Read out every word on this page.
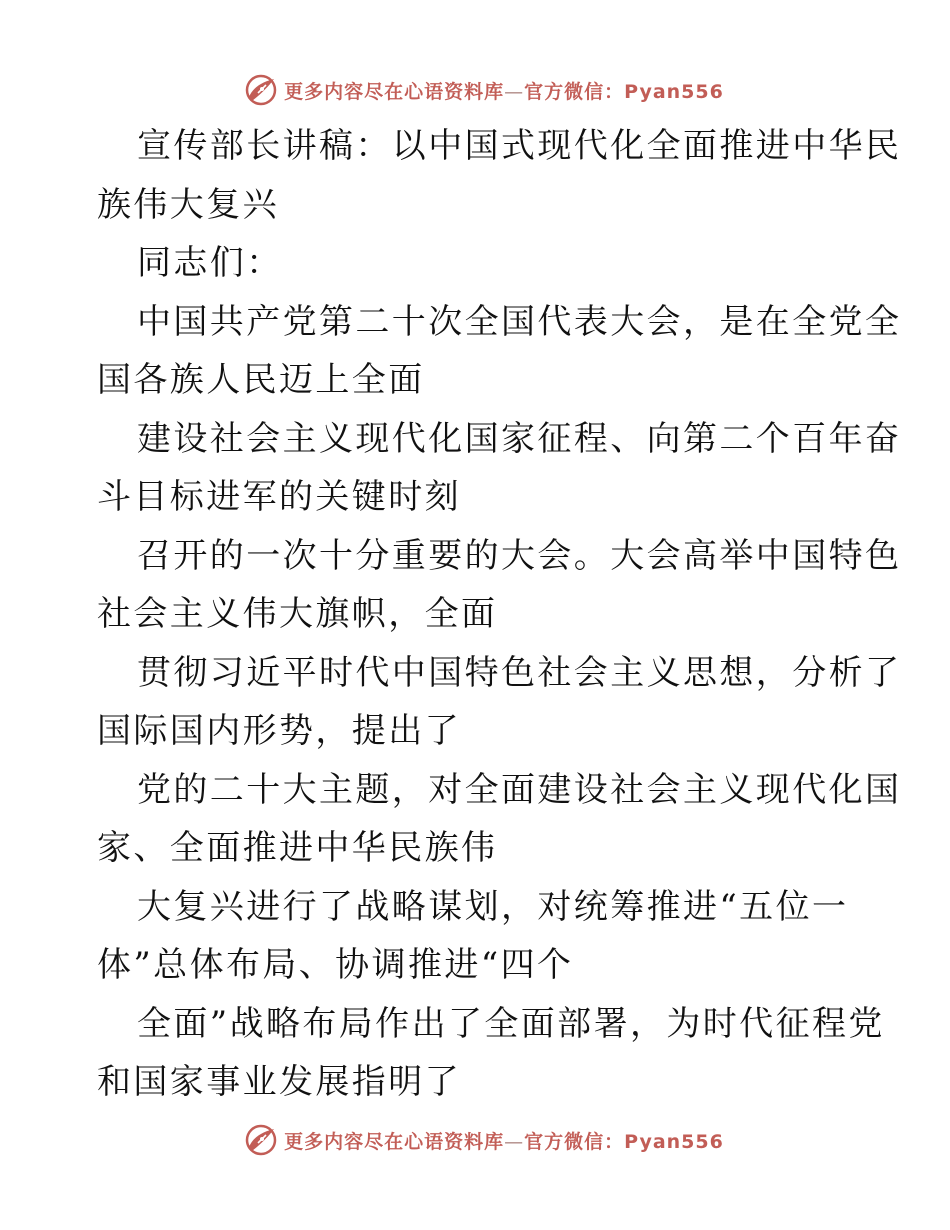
更多内容尽在心语资料库—官方微信：Pyan556
宣传部长讲稿：以中国式现代化全面推进中华民
族伟大复兴
同志们：
中国共产党第二十次全国代表大会，是在全党全
国各族人民迈上全面
建设社会主义现代化国家征程、向第二个百年奋
斗目标进军的关键时刻
召开的一次十分重要的大会。大会高举中国特色
社会主义伟大旗帜，全面
贯彻习近平时代中国特色社会主义思想，分析了
国际国内形势，提出了
党的二十大主题，对全面建设社会主义现代化国
家、全面推进中华民族伟
大复兴进行了战略谋划，对统筹推进“五位一
体”总体布局、协调推进“四个
全面”战略布局作出了全面部署，为时代征程党
和国家事业发展指明了
更多内容尽在心语资料库—官方微信：Pyan556
